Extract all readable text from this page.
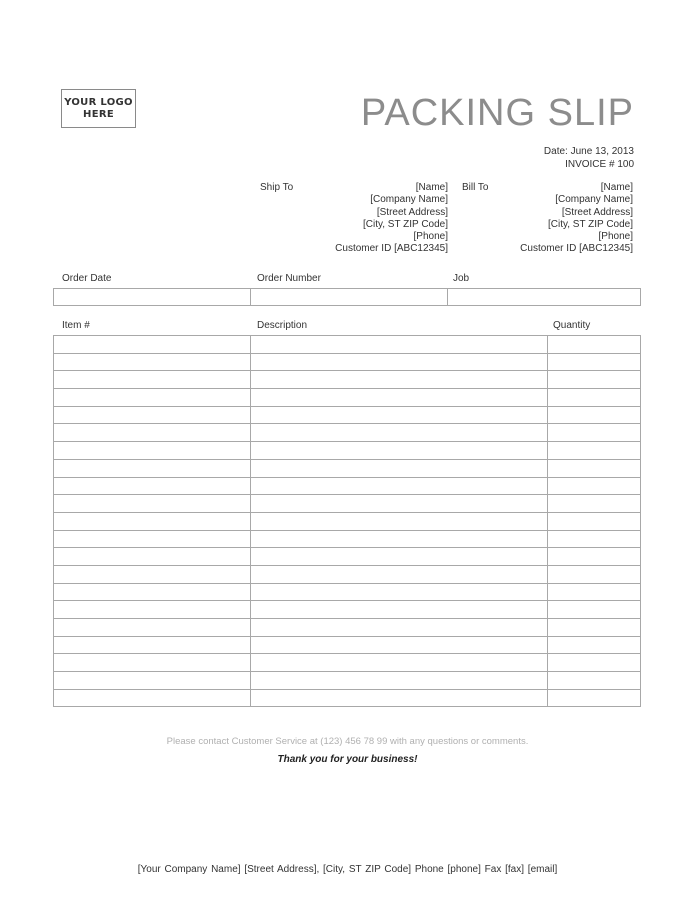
YOUR LOGO
HERE	PACKING SLIP
Date: June 13, 2013
INVOICE # 100
Ship To	[Name]
[Company Name]
[Street Address]
[City, ST ZIP Code]
[Phone]
Customer ID [ABC12345]
Bill To	[Name]
[Company Name]
[Street Address]
[City, ST ZIP Code]
[Phone]
Customer ID [ABC12345]
Order Date	Order Number	Job

Item #	Description	Quantity

Please contact Customer Service at (123) 456 78 99 with any questions or comments.
Thank you for your business!
[Your Company Name] [Street Address], [City, ST ZIP Code] Phone [phone] Fax [fax] [email]
